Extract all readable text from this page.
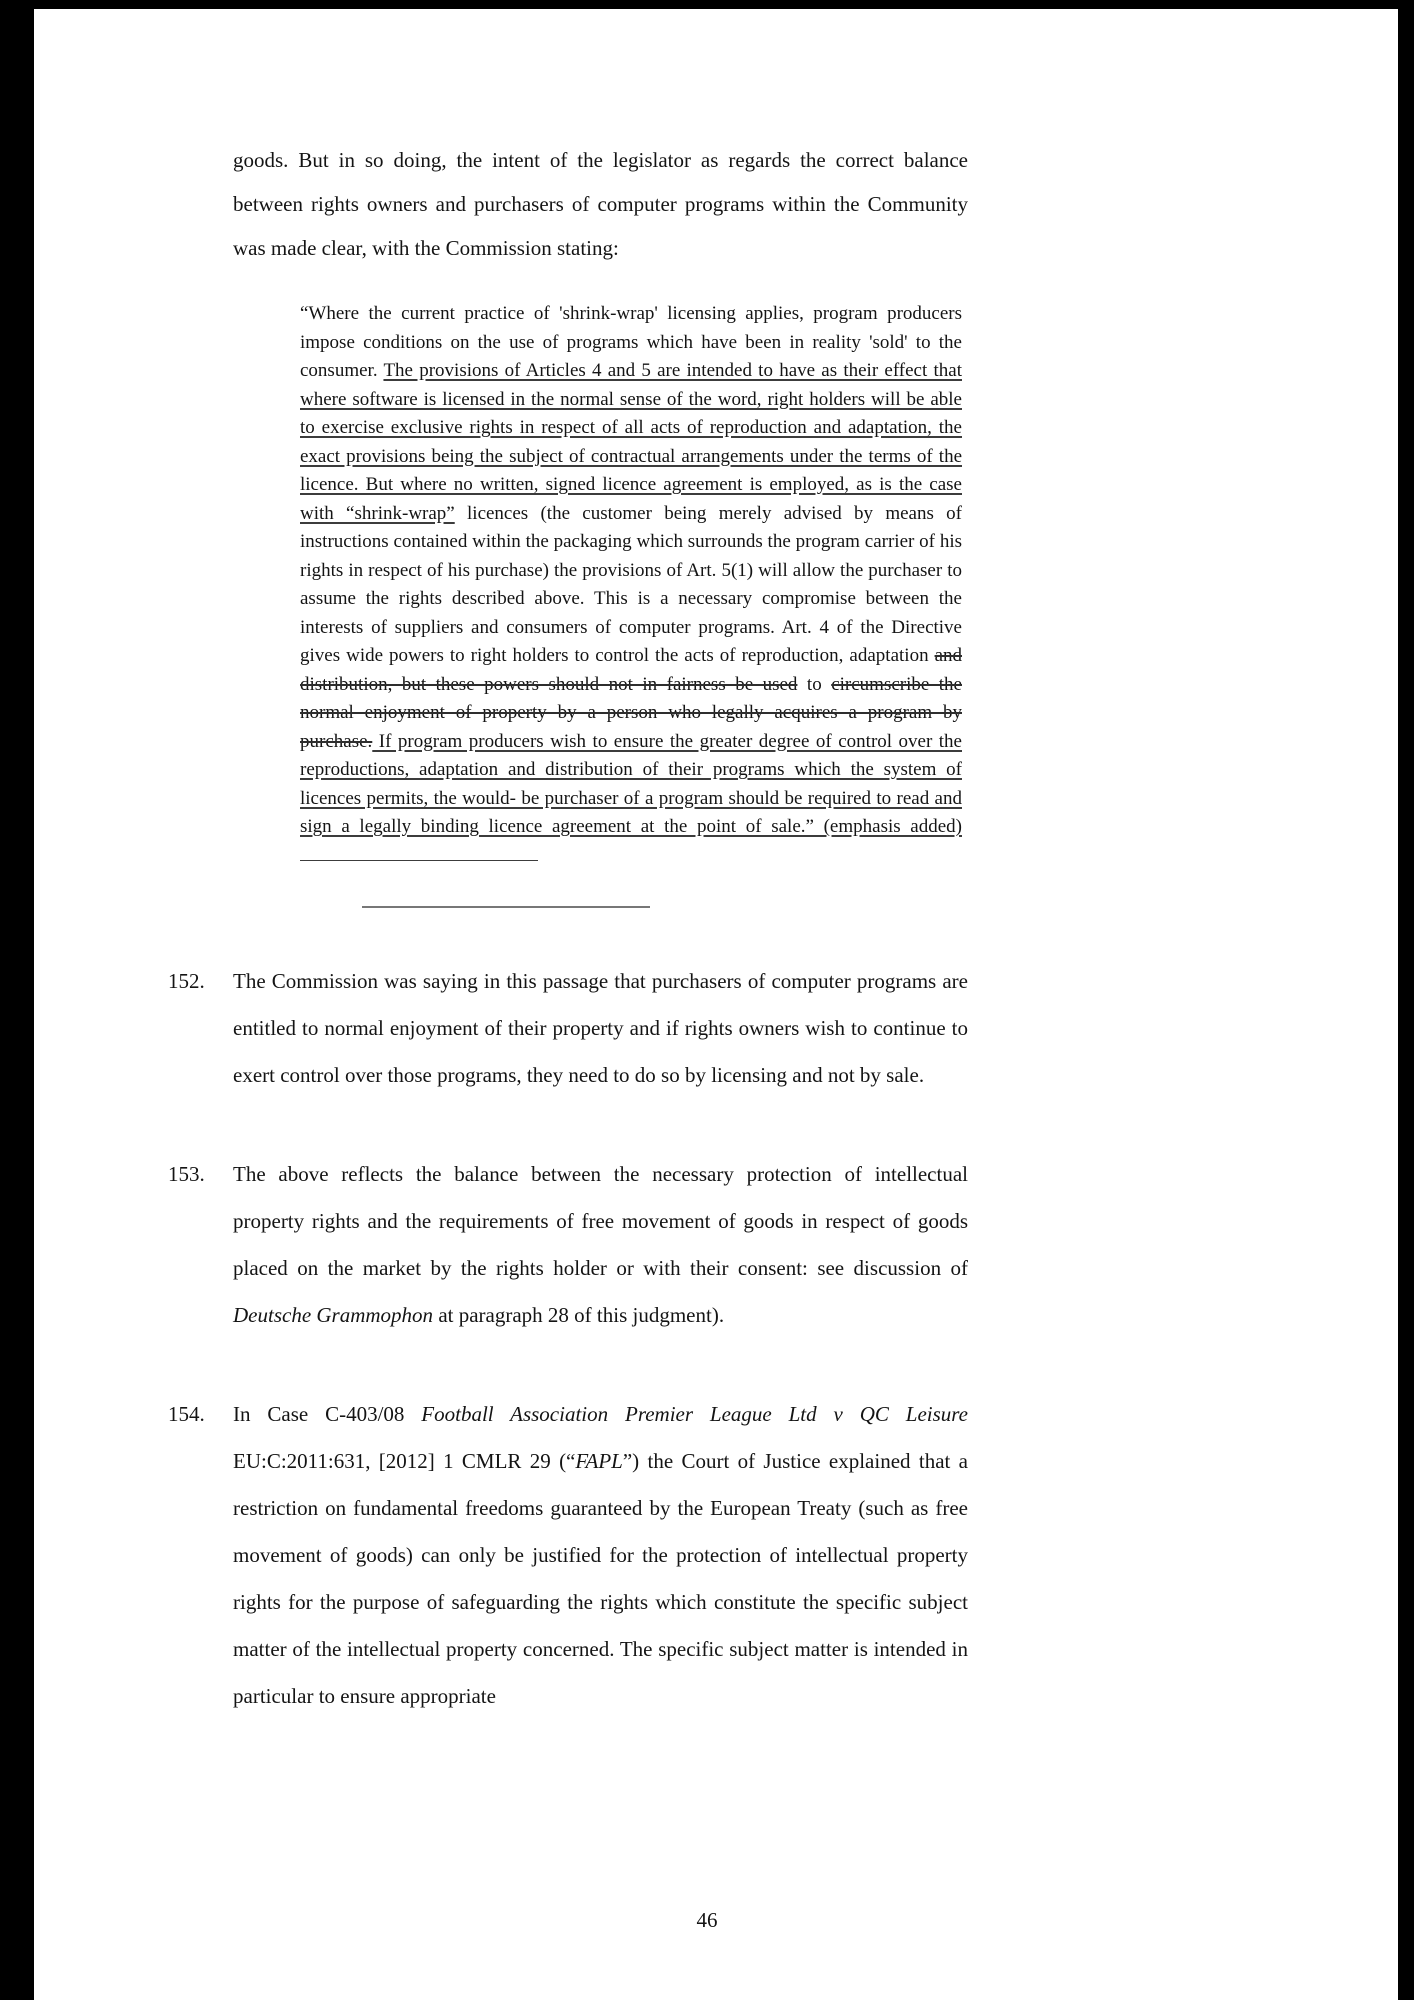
goods. But in so doing, the intent of the legislator as regards the correct balance between rights owners and purchasers of computer programs within the Community was made clear, with the Commission stating:
“Where the current practice of 'shrink-wrap' licensing applies, program producers impose conditions on the use of programs which have been in reality 'sold' to the consumer. The provisions of Articles 4 and 5 are intended to have as their effect that where software is licensed in the normal sense of the word, right holders will be able to exercise exclusive rights in respect of all acts of reproduction and adaptation, the exact provisions being the subject of contractual arrangements under the terms of the licence. But where no written, signed licence agreement is employed, as is the case with “shrink-wrap” licences (the customer being merely advised by means of instructions contained within the packaging which surrounds the program carrier of his rights in respect of his purchase) the provisions of Art. 5(1) will allow the purchaser to assume the rights described above. This is a necessary compromise between the interests of suppliers and consumers of computer programs. Art. 4 of the Directive gives wide powers to right holders to control the acts of reproduction, adaptation and distribution, but these powers should not in fairness be used to circumscribe the normal enjoyment of property by a person who legally acquires a program by purchase. If program producers wish to ensure the greater degree of control over the reproductions, adaptation and distribution of their programs which the system of licences permits, the would- be purchaser of a program should be required to read and sign a legally binding licence agreement at the point of sale.” (emphasis added)
152. The Commission was saying in this passage that purchasers of computer programs are entitled to normal enjoyment of their property and if rights owners wish to continue to exert control over those programs, they need to do so by licensing and not by sale.
153. The above reflects the balance between the necessary protection of intellectual property rights and the requirements of free movement of goods in respect of goods placed on the market by the rights holder or with their consent: see discussion of Deutsche Grammophon at paragraph 28 of this judgment).
154. In Case C-403/08 Football Association Premier League Ltd v QC Leisure EU:C:2011:631, [2012] 1 CMLR 29 (“FAPL”) the Court of Justice explained that a restriction on fundamental freedoms guaranteed by the European Treaty (such as free movement of goods) can only be justified for the protection of intellectual property rights for the purpose of safeguarding the rights which constitute the specific subject matter of the intellectual property concerned. The specific subject matter is intended in particular to ensure appropriate
46
